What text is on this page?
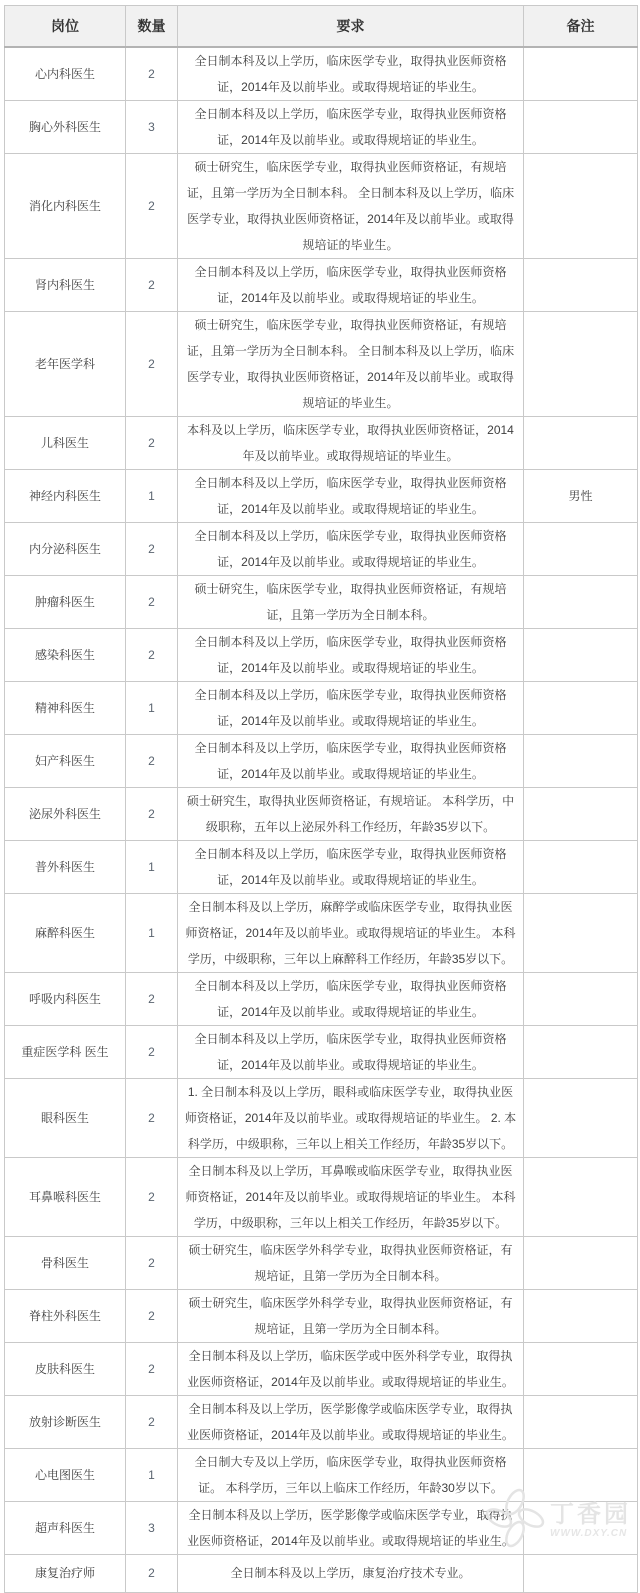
岗位	数量	要求	备注
心内科医生	2	全日制本科及以上学历，临床医学专业，取得执业医师资格证，2014年及以前毕业。或取得规培证的毕业生。	
胸心外科医生	3	全日制本科及以上学历，临床医学专业，取得执业医师资格证，2014年及以前毕业。或取得规培证的毕业生。	
消化内科医生	2	硕士研究生，临床医学专业，取得执业医师资格证，有规培证，且第一学历为全日制本科。 全日制本科及以上学历，临床医学专业，取得执业医师资格证，2014年及以前毕业。或取得规培证的毕业生。	
肾内科医生	2	全日制本科及以上学历，临床医学专业，取得执业医师资格证，2014年及以前毕业。或取得规培证的毕业生。	
老年医学科	2	硕士研究生，临床医学专业，取得执业医师资格证，有规培证，且第一学历为全日制本科。 全日制本科及以上学历，临床医学专业，取得执业医师资格证，2014年及以前毕业。或取得规培证的毕业生。	
儿科医生	2	本科及以上学历，临床医学专业，取得执业医师资格证，2014年及以前毕业。或取得规培证的毕业生。	
神经内科医生	1	全日制本科及以上学历，临床医学专业，取得执业医师资格证，2014年及以前毕业。或取得规培证的毕业生。	男性
内分泌科医生	2	全日制本科及以上学历，临床医学专业，取得执业医师资格证，2014年及以前毕业。或取得规培证的毕业生。	
肿瘤科医生	2	硕士研究生，临床医学专业，取得执业医师资格证，有规培证，且第一学历为全日制本科。	
感染科医生	2	全日制本科及以上学历，临床医学专业，取得执业医师资格证，2014年及以前毕业。或取得规培证的毕业生。	
精神科医生	1	全日制本科及以上学历，临床医学专业，取得执业医师资格证，2014年及以前毕业。或取得规培证的毕业生。	
妇产科医生	2	全日制本科及以上学历，临床医学专业，取得执业医师资格证，2014年及以前毕业。或取得规培证的毕业生。	
泌尿外科医生	2	硕士研究生，取得执业医师资格证，有规培证。 本科学历，中级职称，五年以上泌尿外科工作经历，年龄35岁以下。	
普外科医生	1	全日制本科及以上学历，临床医学专业，取得执业医师资格证，2014年及以前毕业。或取得规培证的毕业生。	
麻醉科医生	1	全日制本科及以上学历，麻醉学或临床医学专业，取得执业医师资格证，2014年及以前毕业。或取得规培证的毕业生。 本科学历，中级职称，三年以上麻醉科工作经历，年龄35岁以下。	
呼吸内科医生	2	全日制本科及以上学历，临床医学专业，取得执业医师资格证，2014年及以前毕业。或取得规培证的毕业生。	
重症医学科 医生	2	全日制本科及以上学历，临床医学专业，取得执业医师资格证，2014年及以前毕业。或取得规培证的毕业生。	
眼科医生	2	1. 全日制本科及以上学历，眼科或临床医学专业，取得执业医师资格证，2014年及以前毕业。或取得规培证的毕业生。 2. 本科学历，中级职称，三年以上相关工作经历，年龄35岁以下。	
耳鼻喉科医生	2	全日制本科及以上学历，耳鼻喉或临床医学专业，取得执业医师资格证，2014年及以前毕业。或取得规培证的毕业生。 本科学历，中级职称，三年以上相关工作经历，年龄35岁以下。	
骨科医生	2	硕士研究生，临床医学外科学专业，取得执业医师资格证，有规培证，且第一学历为全日制本科。	
脊柱外科医生	2	硕士研究生，临床医学外科学专业，取得执业医师资格证，有规培证，且第一学历为全日制本科。	
皮肤科医生	2	全日制本科及以上学历，临床医学或中医外科学专业，取得执业医师资格证，2014年及以前毕业。或取得规培证的毕业生。	
放射诊断医生	2	全日制本科及以上学历，医学影像学或临床医学专业，取得执业医师资格证，2014年及以前毕业。或取得规培证的毕业生。	
心电图医生	1	全日制大专及以上学历，临床医学专业，取得执业医师资格证。 本科学历，三年以上临床工作经历，年龄30岁以下。	
超声科医生	3	全日制本科及以上学历，医学影像学或临床医学专业，取得执业医师资格证，2014年及以前毕业。或取得规培证的毕业生。	
康复治疗师	2	全日制本科及以上学历，康复治疗技术专业。	
丁香园
WWW.DXY.CN
